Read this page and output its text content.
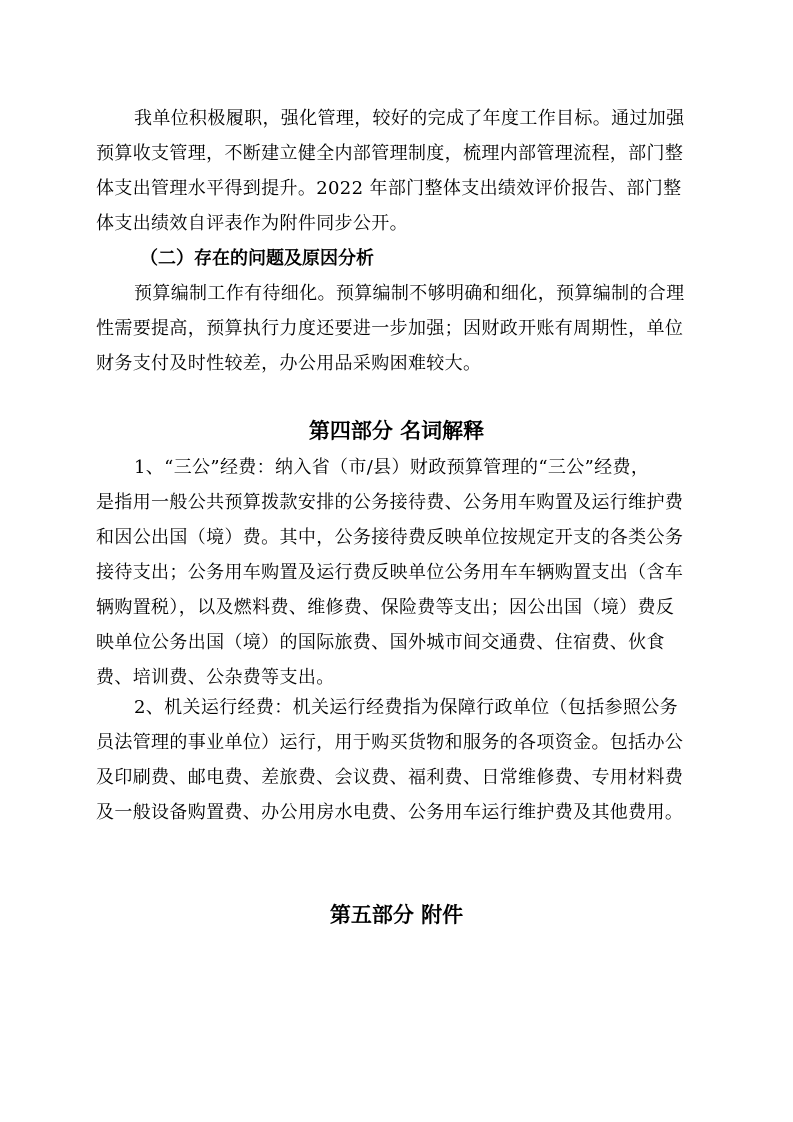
我单位积极履职，强化管理，较好的完成了年度工作目标。通过加强
预算收支管理，不断建立健全内部管理制度，梳理内部管理流程，部门整
体支出管理水平得到提升。2022 年部门整体支出绩效评价报告、部门整
体支出绩效自评表作为附件同步公开。
（二）存在的问题及原因分析
预算编制工作有待细化。预算编制不够明确和细化，预算编制的合理
性需要提高，预算执行力度还要进一步加强；因财政开账有周期性，单位
财务支付及时性较差，办公用品采购困难较大。
第四部分 名词解释
1、“三公”经费：纳入省（市/县）财政预算管理的“三公”经费，
是指用一般公共预算拨款安排的公务接待费、公务用车购置及运行维护费
和因公出国（境）费。其中，公务接待费反映单位按规定开支的各类公务
接待支出；公务用车购置及运行费反映单位公务用车车辆购置支出（含车
辆购置税），以及燃料费、维修费、保险费等支出；因公出国（境）费反
映单位公务出国（境）的国际旅费、国外城市间交通费、住宿费、伙食
费、培训费、公杂费等支出。
2、机关运行经费：机关运行经费指为保障行政单位（包括参照公务
员法管理的事业单位）运行，用于购买货物和服务的各项资金。包括办公
及印刷费、邮电费、差旅费、会议费、福利费、日常维修费、专用材料费
及一般设备购置费、办公用房水电费、公务用车运行维护费及其他费用。
第五部分 附件
